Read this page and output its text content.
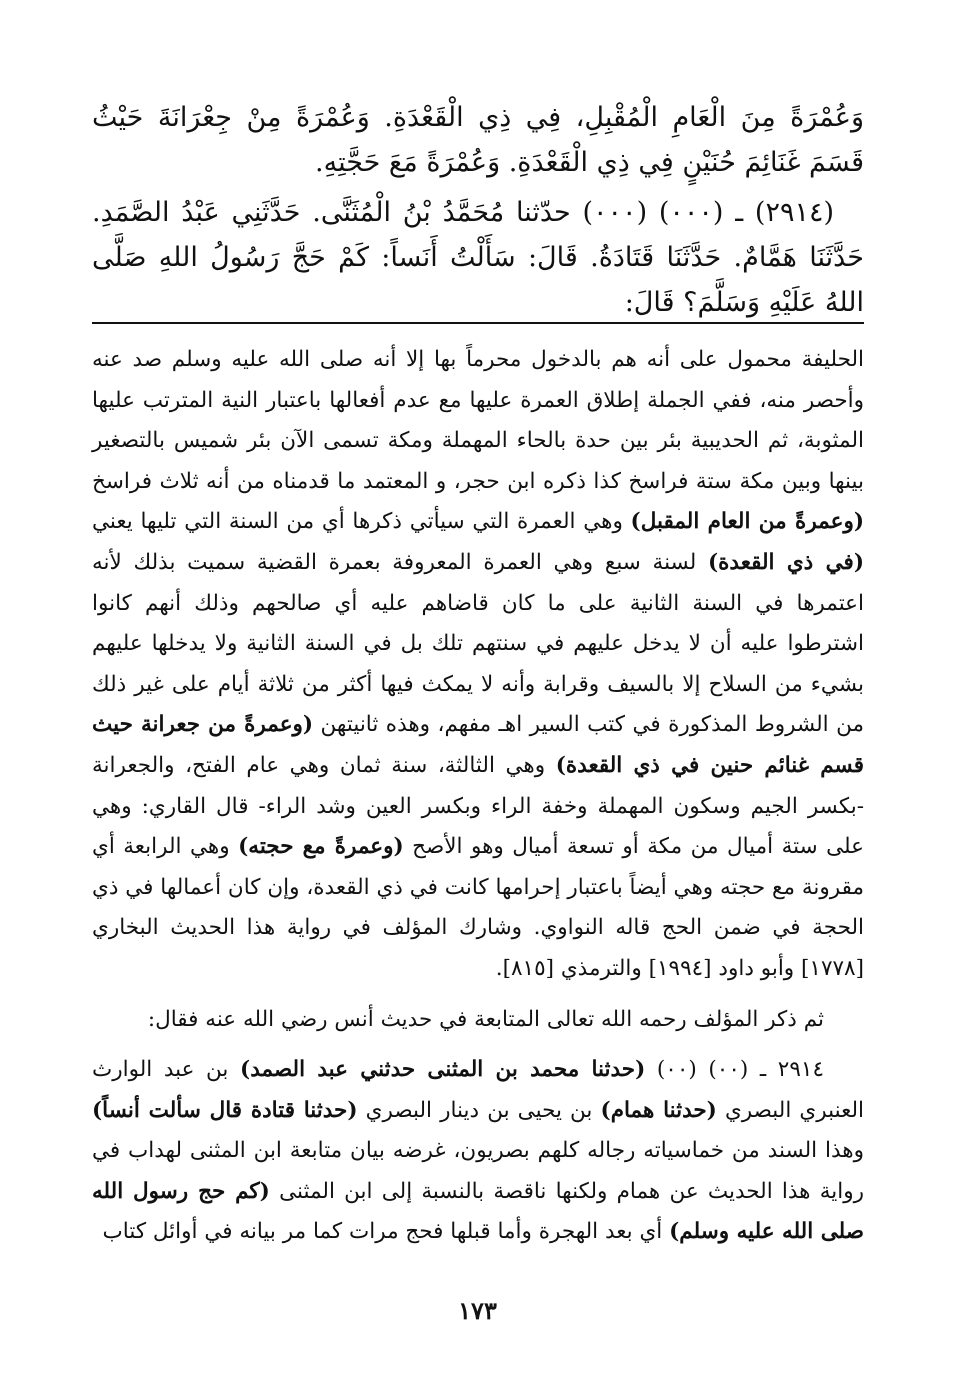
وَعُمْرَةً مِنَ الْعَامِ الْمُقْبِلِ، فِي ذِي الْقَعْدَةِ. وَعُمْرَةً مِنْ جِعْرَانَةَ حَيْثُ قَسَمَ غَنَائِمَ حُنَيْنٍ فِي ذِي الْقَعْدَةِ. وَعُمْرَةً مَعَ حَجَّتِهِ.

(٢٩١٤) ـ (٠٠٠) (٠٠٠) حدّثنا مُحَمَّدُ بْنُ الْمُثَنَّى. حَدَّثَنِي عَبْدُ الصَّمَدِ. حَدَّثَنَا هَمَّامٌ. حَدَّثَنَا قَتَادَةُ. قَالَ: سَأَلْتُ أَنَساً: كَمْ حَجَّ رَسُولُ اللهِ صَلَّى اللهُ عَلَيْهِ وَسَلَّمَ؟ قَالَ:

الحليفة محمول على أنه هم بالدخول محرماً بها إلا أنه صلى الله عليه وسلم صد عنه وأحصر منه، ففي الجملة إطلاق العمرة عليها مع عدم أفعالها باعتبار النية المترتب عليها المثوبة، ثم الحديبية بئر بين حدة بالحاء المهملة ومكة تسمى الآن بئر شميس بالتصغير بينها وبين مكة ستة فراسخ كذا ذكره ابن حجر، و المعتمد ما قدمناه من أنه ثلاث فراسخ (وعمرةً من العام المقبل) وهي العمرة التي سيأتي ذكرها أي من السنة التي تليها يعني (في ذي القعدة) لسنة سبع وهي العمرة المعروفة بعمرة القضية سميت بذلك لأنه اعتمرها في السنة الثانية على ما كان قاضاهم عليه أي صالحهم وذلك أنهم كانوا اشترطوا عليه أن لا يدخل عليهم في سنتهم تلك بل في السنة الثانية ولا يدخلها عليهم بشيء من السلاح إلا بالسيف وقرابة وأنه لا يمكث فيها أكثر من ثلاثة أيام على غير ذلك من الشروط المذكورة في كتب السير اهـ مفهم، وهذه ثانيتهن (وعمرةً من جعرانة حيث قسم غنائم حنين في ذي القعدة) وهي الثالثة، سنة ثمان وهي عام الفتح، والجعرانة -بكسر الجيم وسكون المهملة وخفة الراء وبكسر العين وشد الراء- قال القاري: وهي على ستة أميال من مكة أو تسعة أميال وهو الأصح (وعمرةً مع حجته) وهي الرابعة أي مقرونة مع حجته وهي أيضاً باعتبار إحرامها كانت في ذي القعدة، وإن كان أعمالها في ذي الحجة في ضمن الحج قاله النواوي. وشارك المؤلف في رواية هذا الحديث البخاري [١٧٧٨] وأبو داود [١٩٩٤] والترمذي [٨١٥].

ثم ذكر المؤلف رحمه الله تعالى المتابعة في حديث أنس رضي الله عنه فقال:

٢٩١٤ ـ (٠٠) (٠٠) (حدثنا محمد بن المثنى حدثني عبد الصمد) بن عبد الوارث العنبري البصري (حدثنا همام) بن يحيى بن دينار البصري (حدثنا قتادة قال سألت أنساً) وهذا السند من خماسياته رجاله كلهم بصريون، غرضه بيان متابعة ابن المثنى لهداب في رواية هذا الحديث عن همام ولكنها ناقصة بالنسبة إلى ابن المثنى (كم حج رسول الله صلى الله عليه وسلم) أي بعد الهجرة وأما قبلها فحج مرات كما مر بيانه في أوائل كتاب

١٧٣
